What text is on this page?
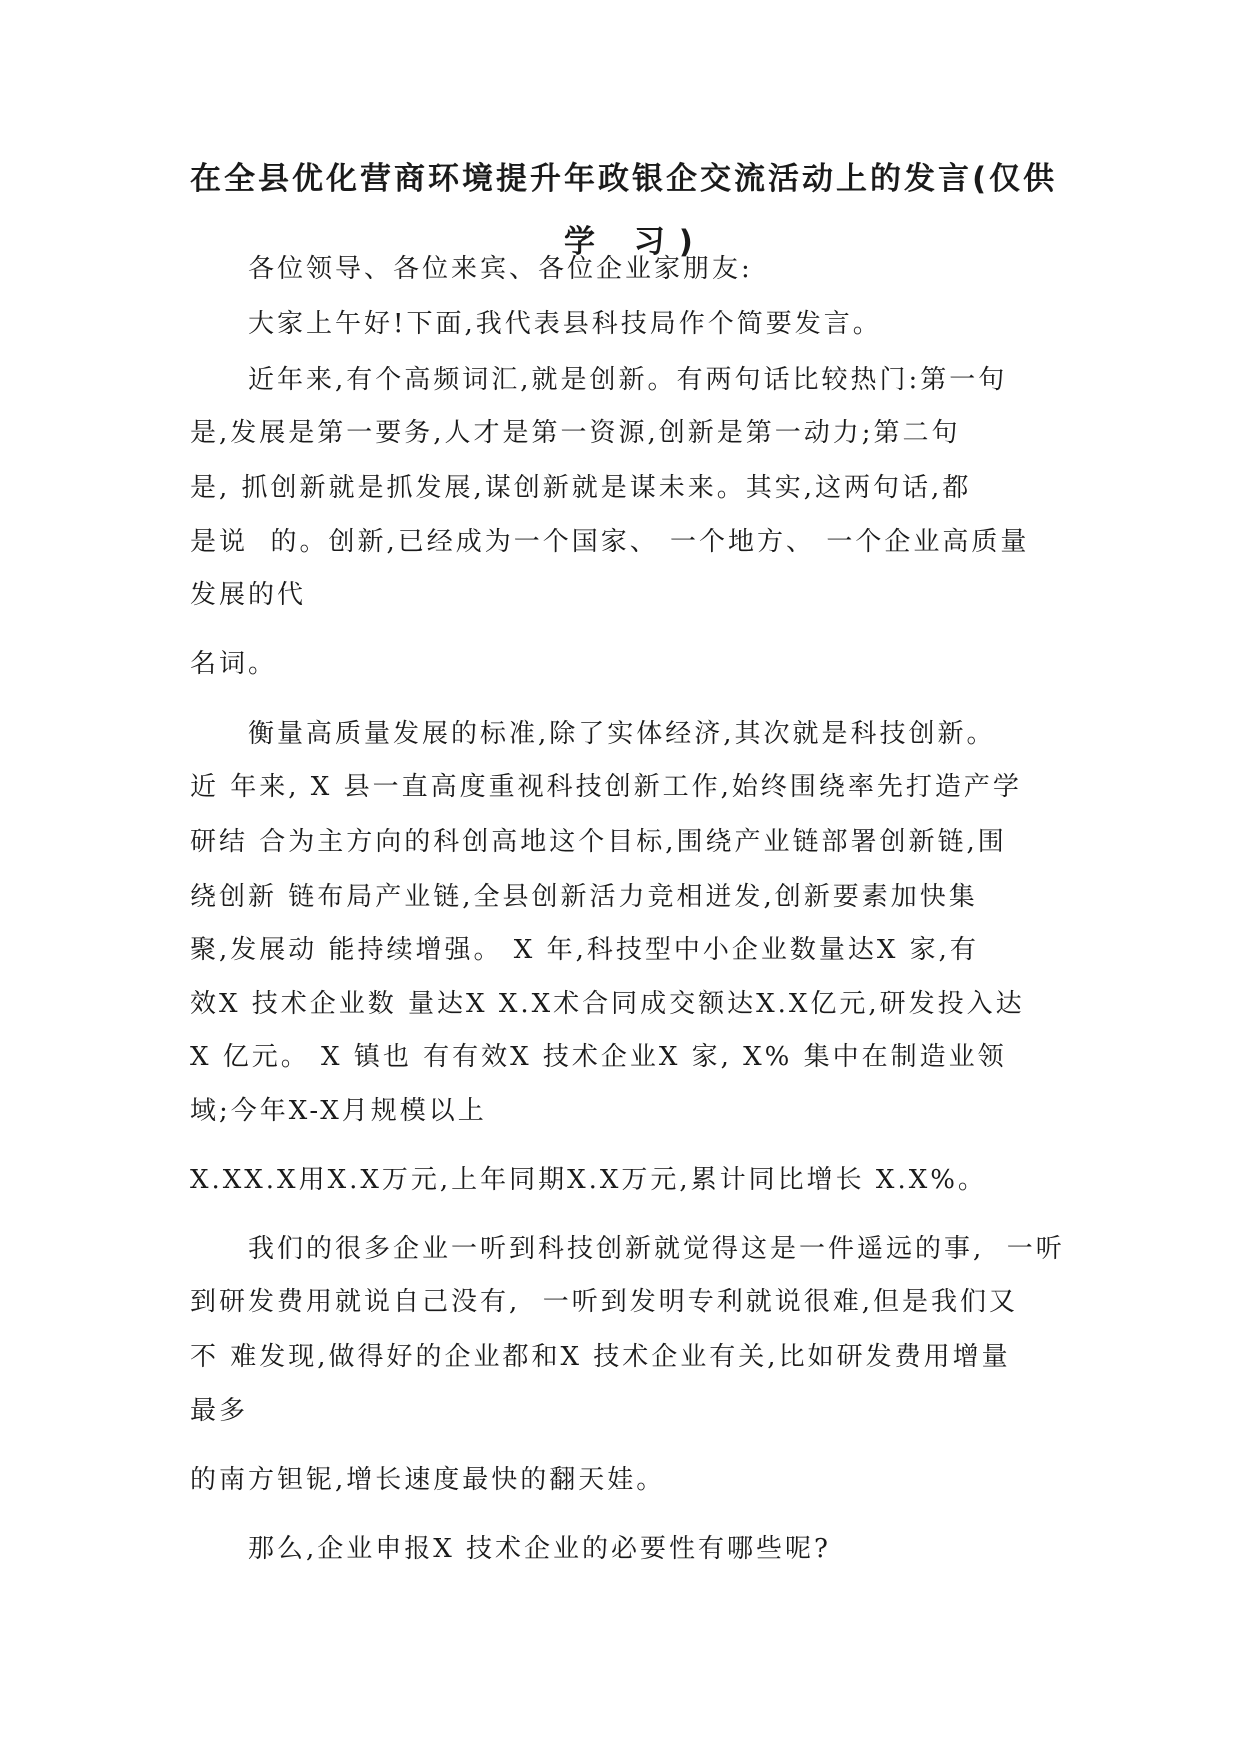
在全县优化营商环境提升年政银企交流活动上的发言(仅供
学 习)
各位领导、各位来宾、各位企业家朋友:
大家上午好!下面,我代表县科技局作个简要发言。
近年来,有个高频词汇,就是创新。有两句话比较热门:第一句
是,发展是第一要务,人才是第一资源,创新是第一动力;第二句
是, 抓创新就是抓发展,谋创新就是谋未来。其实,这两句话,都
是说  的。创新,已经成为一个国家、 一个地方、 一个企业高质量
发展的代
名词。
衡量高质量发展的标准,除了实体经济,其次就是科技创新。
近 年来, X 县一直高度重视科技创新工作,始终围绕率先打造产学
研结 合为主方向的科创高地这个目标,围绕产业链部署创新链,围
绕创新 链布局产业链,全县创新活力竞相迸发,创新要素加快集
聚,发展动 能持续增强。 X 年,科技型中小企业数量达X 家,有
效X 技术企业数 量达X X.X术合同成交额达X.X亿元,研发投入达
X 亿元。 X 镇也 有有效X 技术企业X 家, X% 集中在制造业领
域;今年X-X月规模以上
X.XX.X用X.X万元,上年同期X.X万元,累计同比增长 X.X%。
我们的很多企业一听到科技创新就觉得这是一件遥远的事,  一听
到研发费用就说自己没有,  一听到发明专利就说很难,但是我们又
不 难发现,做得好的企业都和X 技术企业有关,比如研发费用增量
最多
的南方钽铌,增长速度最快的翻天娃。
那么,企业申报X 技术企业的必要性有哪些呢?
